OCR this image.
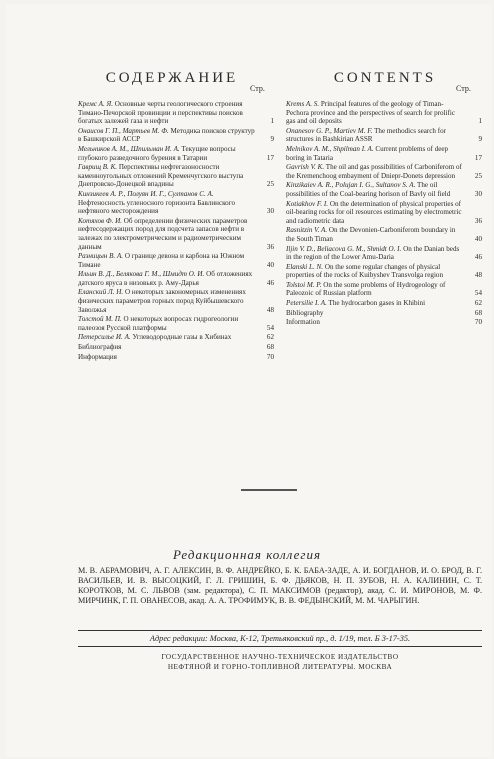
СОДЕРЖАНИЕ
Стр.
CONTENTS
Стр.
Кремс А. Я. Основные черты геологического строения Тимано-Печорской провинции и перспективы поисков богатых залежей газа и нефти	1
Онаисов Г. П., Мартьев М. Ф. Методика поисков структур в Башкирской АССР	9
Мельников А. М., Шпильман И. А. Текущие вопросы глубокого разведочного бурения в Татарии	17
Гаврищ В. К. Перспективы нефтегазоносности каменноугольных отложений Кременчугского выступа Днепровско-Донецкой впадины	25
Кинзикеев А. Р., Полуян И. Г., Султанов С. А. Нефтеносность угленосного горизонта Бавлинского нефтяного месторождения	30
Котяхов Ф. И. Об определении физических параметров нефтесодержащих пород для подсчета запасов нефти в залежах по электрометрическим и радиометрическим данным	36
Разницын В. А. О границе девона и карбона на Южном Тимане	40
Ильин В. Д., Белякова Г. М., Шмидт О. И. Об отложениях датского яруса в низовьях р. Аму-Дарья	46
Еланский Л. Н. О некоторых закономерных изменениях физических параметров горных пород Куйбышевского Заволжья	48
Толстой М. П. О некоторых вопросах гидрогеологии палеозоя Русской платформы	54
Петерсилье И. А. Углеводородные газы в Хибинах	62
Библиография	68
Информация	70
Krems A. S. Principal features of the geology of Timan-Pechora province and the perspectives of search for prolific gas and oil deposits	1
Onanesov G. P., Martiev M. F. The methodics search for structures in Bashkirian ASSR	9
Melnikov A. M., Shpilman I. A. Current problems of deep boring in Tataria	17
Gavrish V. K. The oil and gas possibilities of Carboniferom of the Kremenchoog embayment of Dniepr-Donets depression	25
Kinzikaiev A. R., Polujan I. G., Sultanov S. A. The oil possibilities of the Coal-bearing horison of Bavly oil field	30
Kotiakhov F. I. On the determination of physical properties of oil-bearing rocks for oil resources estimating by electrometric and radiometric data	36
Rasnitzin V. A. On the Devonien-Carboniferom boundary in the South Timan	40
Iljin V. D., Beliacova G. M., Shmidt O. I. On the Danian beds in the region of the Lower Amu-Daria	46
Elanski L. N. On the some regular changes of physical properties of the rocks of Kuibyshev Transvolga region	48
Tolstoi M. P. On the some problems of Hydrogeology of Paleozoic of Russian platform	54
Petersilie I. A. The hydrocarbon gases in Khibini	62
Bibliography	68
Information	70
Редакционная коллегия
М. В. АБРАМОВИЧ, А. Г. АЛЕКСИН, В. Ф. АНДРЕЙКО, Б. К. БАБА-ЗАДЕ, А. И. БОГДАНОВ, И. О. БРОД, В. Г. ВАСИЛЬЕВ, И. В. ВЫСОЦКИЙ, Г. Л. ГРИШИН, Б. Ф. ДЬЯКОВ, Н. П. ЗУБОВ, Н. А. КАЛИНИН, С. Т. КОРОТКОВ, М. С. ЛЬВОВ (зам. редактора), С. П. МАКСИМОВ (редактор), акад. С. И. МИРОНОВ, М. Ф. МИРЧИНК, Г. П. ОВАНЕСОВ, акад. А. А. ТРОФИМУК, В. В. ФЕДЫНСКИЙ, М. М. ЧАРЫГИН.
Адрес редакции: Москва, К-12, Третьяковский пр., д. 1/19, тел. Б 3-17-35.
ГОСУДАРСТВЕННОЕ НАУЧНО-ТЕХНИЧЕСКОЕ ИЗДАТЕЛЬСТВО
НЕФТЯНОЙ И ГОРНО-ТОПЛИВНОЙ ЛИТЕРАТУРЫ. МОСКВА
